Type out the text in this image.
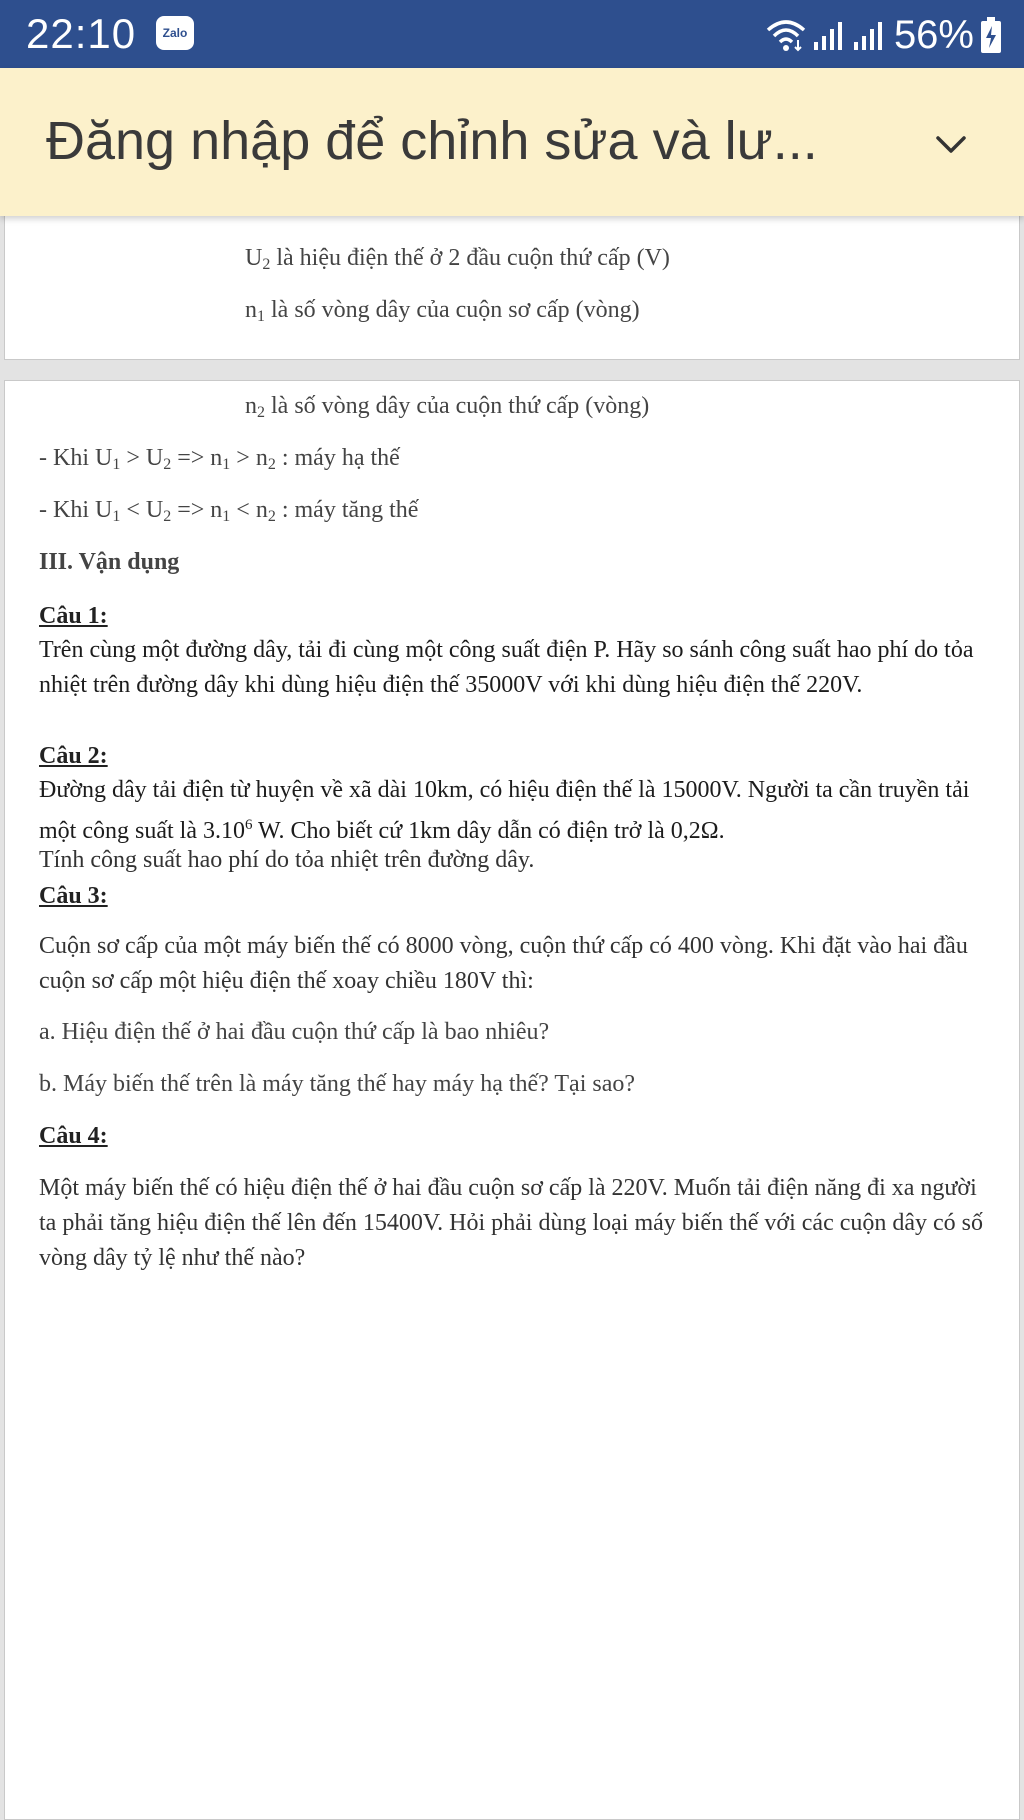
22:10	Zalo	56%
Đăng nhập để chỉnh sửa và lư...
$U_2$ là hiệu điện thế ở 2 đầu cuộn thứ cấp (V)
$n_1$ là số vòng dây của cuộn sơ cấp (vòng)
$n_2$ là số vòng dây của cuộn thứ cấp (vòng)
- Khi $U_1 > U_2 => n_1 > n_2$ : máy hạ thế
- Khi $U_1 < U_2 => n_1 < n_2$ : máy tăng thế
III. Vận dụng
Câu 1:
Trên cùng một đường dây, tải đi cùng một công suất điện P. Hãy so sánh công suất hao phí do tỏa nhiệt trên đường dây khi dùng hiệu điện thế 35000V với khi dùng hiệu điện thế 220V.
Câu 2:
Đường dây tải điện từ huyện về xã dài 10km, có hiệu điện thế là 15000V. Người ta cần truyền tải một công suất là 3.10$^6$ W. Cho biết cứ 1km dây dẫn có điện trở là 0,2Ω.
Tính công suất hao phí do tỏa nhiệt trên đường dây.
Câu 3:
Cuộn sơ cấp của một máy biến thế có 8000 vòng, cuộn thứ cấp có 400 vòng. Khi đặt vào hai đầu cuộn sơ cấp một hiệu điện thế xoay chiều 180V thì:
a. Hiệu điện thế ở hai đầu cuộn thứ cấp là bao nhiêu?
b. Máy biến thế trên là máy tăng thế hay máy hạ thế? Tại sao?
Câu 4:
Một máy biến thế có hiệu điện thế ở hai đầu cuộn sơ cấp là 220V. Muốn tải điện năng đi xa người ta phải tăng hiệu điện thế lên đến 15400V. Hỏi phải dùng loại máy biến thế với các cuộn dây có số vòng dây tỷ lệ như thế nào?
